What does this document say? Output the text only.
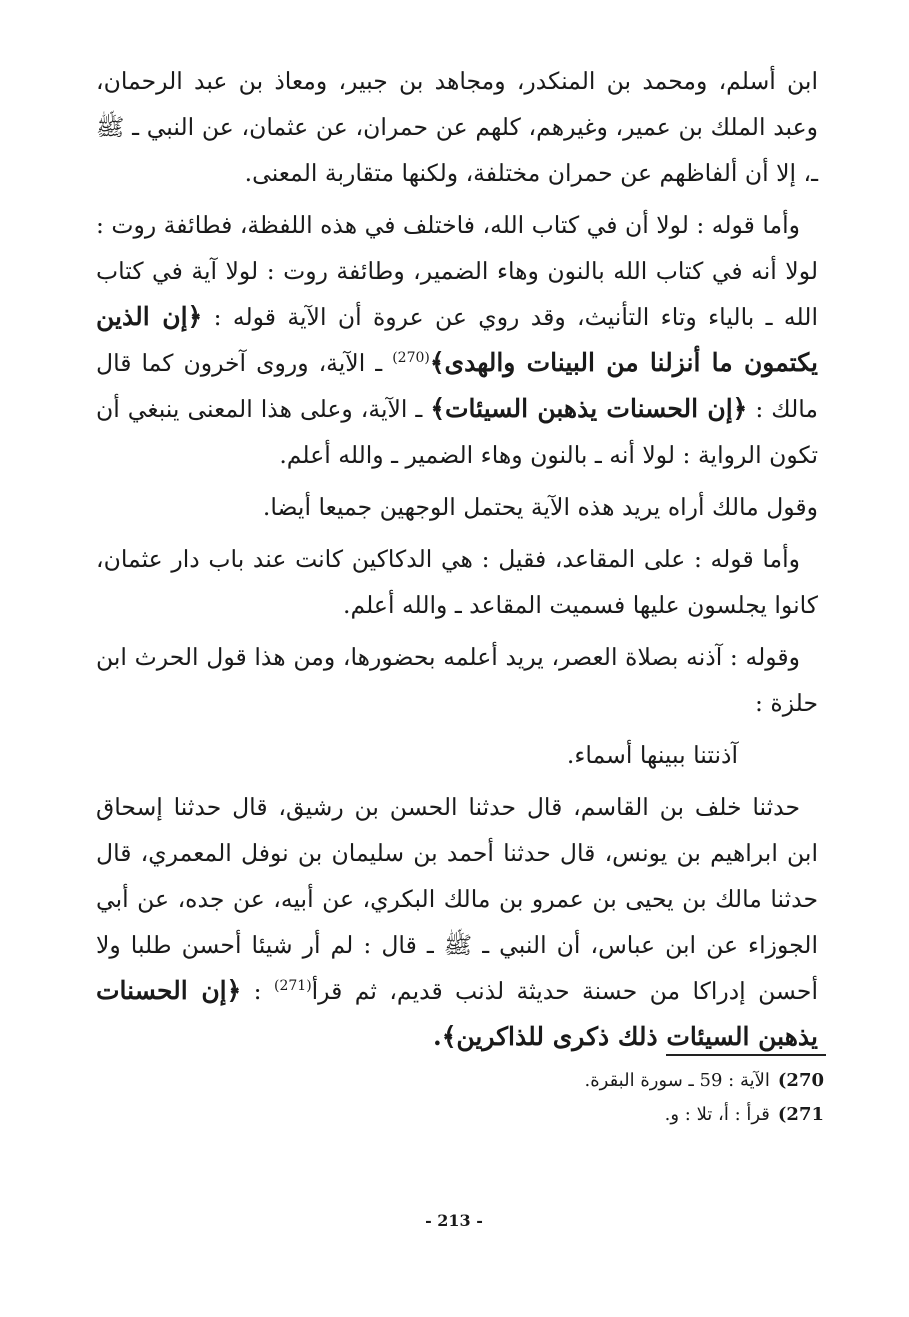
ابن أسلم، ومحمد بن المنكدر، ومجاهد بن جبير، ومعاذ بن عبد الرحمان، وعبد الملك بن عمير، وغيرهم، كلهم عن حمران، عن عثمان، عن النبي ـ ﷺ ـ، إلا أن ألفاظهم عن حمران مختلفة، ولكنها متقاربة المعنى.

وأما قوله : لولا أن في كتاب الله، فاختلف في هذه اللفظة، فطائفة روت : لولا أنه في كتاب الله بالنون وهاء الضمير، وطائفة روت : لولا آية في كتاب الله ـ بالياء وتاء التأنيث، وقد روي عن عروة أن الآية قوله : ﴿إن الذين يكتمون ما أنزلنا من البينات والهدى﴾$^{(270)}$ ـ الآية، وروى آخرون كما قال مالك : ﴿إن الحسنات يذهبن السيئات﴾ ـ الآية، وعلى هذا المعنى ينبغي أن تكون الرواية : لولا أنه ـ بالنون وهاء الضمير ـ والله أعلم.

وقول مالك أراه يريد هذه الآية يحتمل الوجهين جميعا أيضا.

وأما قوله : على المقاعد، فقيل : هي الدكاكين كانت عند باب دار عثمان، كانوا يجلسون عليها فسميت المقاعد ـ والله أعلم.

وقوله : آذنه بصلاة العصر، يريد أعلمه بحضورها، ومن هذا قول الحرث ابن حلزة :

آذنتنا ببينها أسماء.

حدثنا خلف بن القاسم، قال حدثنا الحسن بن رشيق، قال حدثنا إسحاق ابن ابراهيم بن يونس، قال حدثنا أحمد بن سليمان بن نوفل المعمري، قال حدثنا مالك بن يحيى بن عمرو بن مالك البكري، عن أبيه، عن جده، عن أبي الجوزاء عن ابن عباس، أن النبي ـ ﷺ ـ قال : لم أر شيئا أحسن طلبا ولا أحسن إدراكا من حسنة حديثة لذنب قديم، ثم قرأ$^{(271)}$ : ﴿إن الحسنات يذهبن السيئات ذلك ذكرى للذاكرين﴾.

270)الآية : 59 ـ سورة البقرة.

271)قرأ : أ، تلا : و.

- 213 -
